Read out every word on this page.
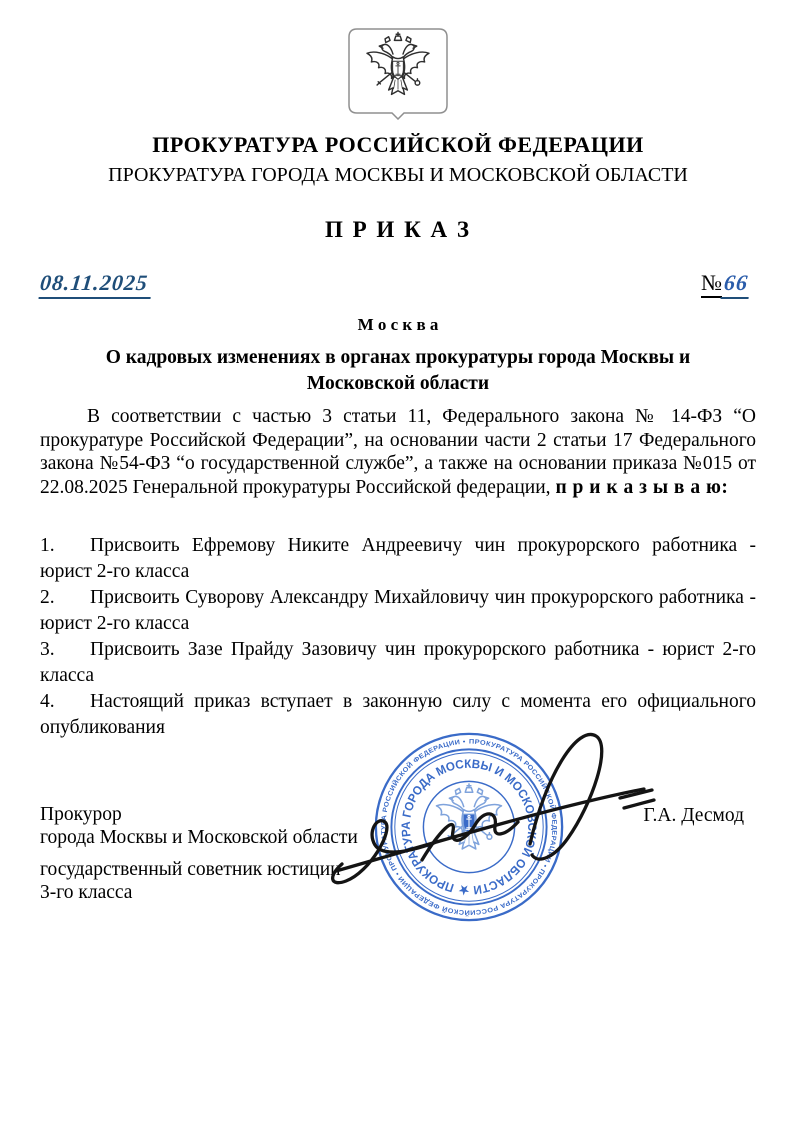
ПРОКУРАТУРА РОССИЙСКОЙ ФЕДЕРАЦИИ
ПРОКУРАТУРА ГОРОДА МОСКВЫ И МОСКОВСКОЙ ОБЛАСТИ
П Р И К А З
08.11.2025	№66
М о с к в а
О кадровых изменениях в органах прокуратуры города Москвы и Московской области

В соответствии с частью 3 статьи 11, Федерального закона № 14-ФЗ “О прокуратуре Российской Федерации”, на основании части 2 статьи 17 Федерального закона №54-ФЗ “о государственной службе”, а также на основании приказа №015 от 22.08.2025 Генеральной прокуратуры Российской федерации, п р и к а з ы в а ю:

1. Присвоить Ефремову Никите Андреевичу чин прокурорского работника - юрист 2-го класса
2. Присвоить Суворову Александру Михайловичу чин прокурорского работника - юрист 2-го класса
3. Присвоить Зазе Прайду Зазовичу чин прокурорского работника - юрист 2-го класса
4. Настоящий приказ вступает в законную силу с момента его официального опубликования
Прокурор
города Москвы и Московской области
государственный советник юстиции
3-го класса
Г.А. Десмод
ПРОКУРАТУРА РОССИЙСКОЙ ФЕДЕРАЦИИ • ПРОКУРАТУРА РОССИЙСКОЙ ФЕДЕРАЦИИ • ПРОКУРАТУРА РОССИЙСКОЙ ФЕДЕРАЦИИ •
ПРОКУРАТУРА ГОРОДА МОСКВЫ И МОСКОВСКОЙ ОБЛАСТИ ★
